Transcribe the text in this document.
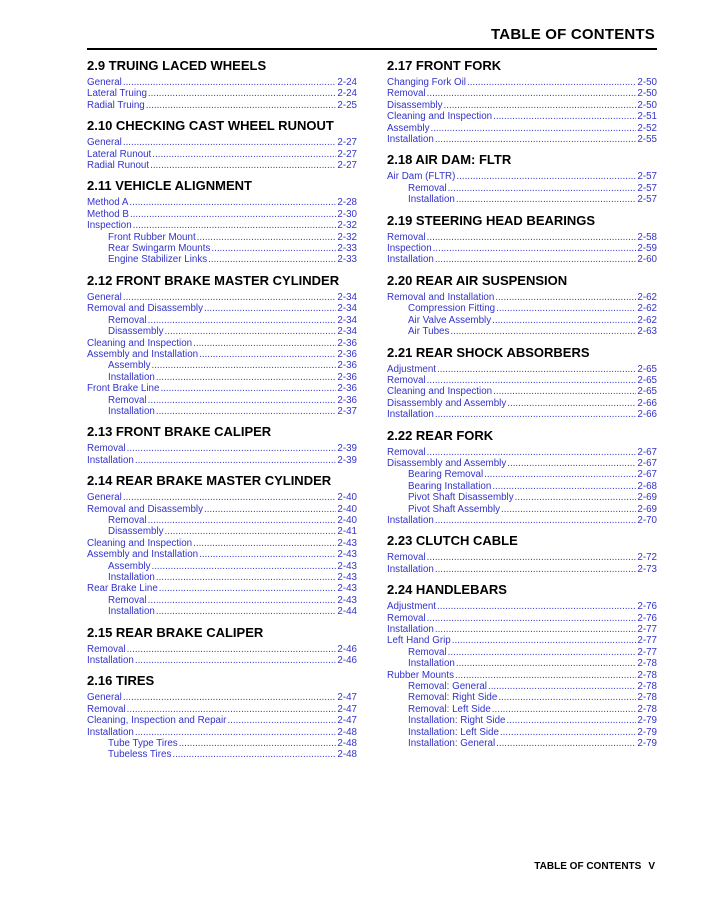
TABLE OF CONTENTS
2.9 TRUING LACED WHEELS
General .....	2-24
Lateral Truing .....	2-24
Radial Truing .....	2-25
2.10 CHECKING CAST WHEEL RUNOUT
General .....	2-27
Lateral Runout .....	2-27
Radial Runout .....	2-27
2.11 VEHICLE ALIGNMENT
Method A .....	2-28
Method B .....	2-30
Inspection .....	2-32
Front Rubber Mount .....	2-32
Rear Swingarm Mounts .....	2-33
Engine Stabilizer Links .....	2-33
2.12 FRONT BRAKE MASTER CYLINDER
General .....	2-34
Removal and Disassembly .....	2-34
Removal .....	2-34
Disassembly .....	2-34
Cleaning and Inspection .....	2-36
Assembly and Installation .....	2-36
Assembly .....	2-36
Installation .....	2-36
Front Brake Line .....	2-36
Removal .....	2-36
Installation .....	2-37
2.13 FRONT BRAKE CALIPER
Removal .....	2-39
Installation .....	2-39
2.14 REAR BRAKE MASTER CYLINDER
General .....	2-40
Removal and Disassembly .....	2-40
Removal .....	2-40
Disassembly .....	2-41
Cleaning and Inspection .....	2-43
Assembly and Installation .....	2-43
Assembly .....	2-43
Installation .....	2-43
Rear Brake Line .....	2-43
Removal .....	2-43
Installation .....	2-44
2.15 REAR BRAKE CALIPER
Removal .....	2-46
Installation .....	2-46
2.16 TIRES
General .....	2-47
Removal .....	2-47
Cleaning, Inspection and Repair .....	2-47
Installation .....	2-48
Tube Type Tires .....	2-48
Tubeless Tires .....	2-48
2.17 FRONT FORK
Changing Fork Oil .....	2-50
Removal .....	2-50
Disassembly .....	2-50
Cleaning and Inspection .....	2-51
Assembly .....	2-52
Installation .....	2-55
2.18 AIR DAM: FLTR
Air Dam (FLTR) .....	2-57
Removal .....	2-57
Installation .....	2-57
2.19 STEERING HEAD BEARINGS
Removal .....	2-58
Inspection .....	2-59
Installation .....	2-60
2.20 REAR AIR SUSPENSION
Removal and Installation .....	2-62
Compression Fitting .....	2-62
Air Valve Assembly .....	2-62
Air Tubes .....	2-63
2.21 REAR SHOCK ABSORBERS
Adjustment .....	2-65
Removal .....	2-65
Cleaning and Inspection .....	2-65
Disassembly and Assembly .....	2-66
Installation .....	2-66
2.22 REAR FORK
Removal .....	2-67
Disassembly and Assembly .....	2-67
Bearing Removal .....	2-67
Bearing Installation .....	2-68
Pivot Shaft Disassembly .....	2-69
Pivot Shaft Assembly .....	2-69
Installation .....	2-70
2.23 CLUTCH CABLE
Removal .....	2-72
Installation .....	2-73
2.24 HANDLEBARS
Adjustment .....	2-76
Removal .....	2-76
Installation .....	2-77
Left Hand Grip .....	2-77
Removal .....	2-77
Installation .....	2-78
Rubber Mounts .....	2-78
Removal: General .....	2-78
Removal: Right Side .....	2-78
Removal: Left Side .....	2-78
Installation: Right Side .....	2-79
Installation: Left Side .....	2-79
Installation: General .....	2-79
TABLE OF CONTENTS V
